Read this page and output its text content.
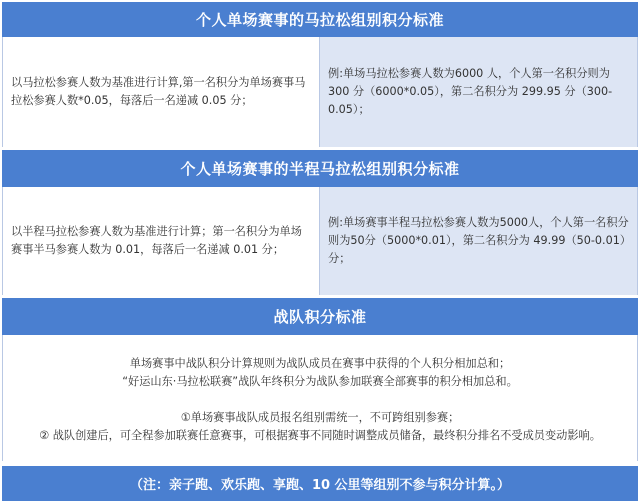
个人单场赛事的马拉松组别积分标准
以马拉松参赛人数为基准进行计算,第一名积分为单场赛事马拉松参赛人数*0.05，每落后一名递减 0.05 分；
例:单场马拉松参赛人数为6000 人，个人第一名积分则为 300 分（6000*0.05），第二名积分为 299.95 分（300-0.05）；
个人单场赛事的半程马拉松组别积分标准
以半程马拉松参赛人数为基准进行计算；第一名积分为单场赛事半马参赛人数为 0.01，每落后一名递减 0.01 分；
例:单场赛事半程马拉松参赛人数为5000人，个人第一名积分则为50分（5000*0.01），第二名积分为 49.99（50-0.01）分；
战队积分标准

单场赛事中战队积分计算规则为战队成员在赛事中获得的个人积分相加总和；

“好运山东·马拉松联赛”战队年终积分为战队参加联赛全部赛事的积分相加总和。

①单场赛事战队成员报名组别需统一，不可跨组别参赛；

② 战队创建后，可全程参加联赛任意赛事，可根据赛事不同随时调整成员储备，最终积分排名不受成员变动影响。

（注：亲子跑、欢乐跑、享跑、10 公里等组别不参与积分计算。）
